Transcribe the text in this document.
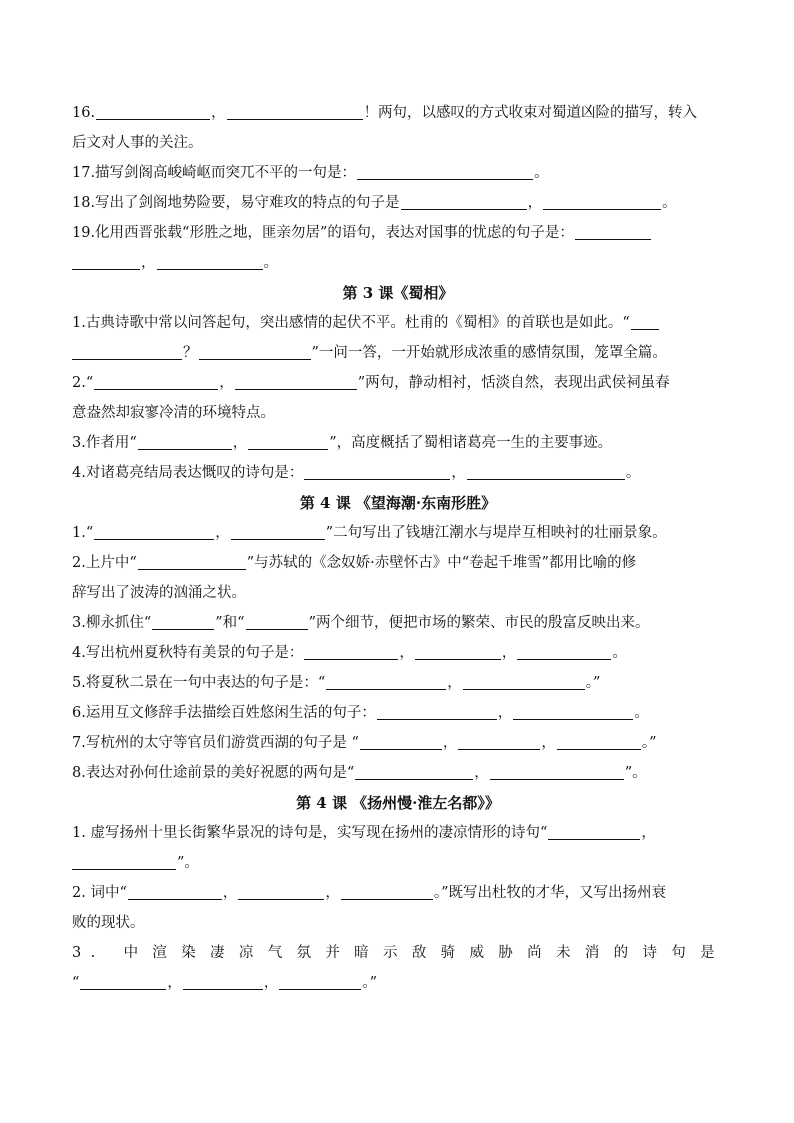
16.	，	！两句，以感叹的方式收束对蜀道凶险的描写，转入
后文对人事的关注。
17.描写剑阁高峻崎岖而突兀不平的一句是：	。
18.写出了剑阁地势险要，易守难攻的特点的句子是	，	。
19.化用西晋张载“形胜之地，匪亲勿居”的语句，表达对国事的忧虑的句子是：
，	。
第 3 课《蜀相》
1.古典诗歌中常以问答起句，突出感情的起伏不平。杜甫的《蜀相》的首联也是如此。“
？	”一问一答，一开始就形成浓重的感情氛围，笼罩全篇。
2.“	，	”两句，静动相衬，恬淡自然，表现出武侯祠虽春
意盎然却寂寥冷清的环境特点。
3.作者用“	，	”，高度概括了蜀相诸葛亮一生的主要事迹。
4.对诸葛亮结局表达慨叹的诗句是：	，	。
第 4 课 《望海潮·东南形胜》
1.“	，	”二句写出了钱塘江潮水与堤岸互相映衬的壮丽景象。
2.上片中“	”与苏轼的《念奴娇·赤壁怀古》中“卷起千堆雪”都用比喻的修
辞写出了波涛的汹涌之状。
3.柳永抓住“	”和“	”两个细节，便把市场的繁荣、市民的殷富反映出来。
4.写出杭州夏秋特有美景的句子是：	，	，	。
5.将夏秋二景在一句中表达的句子是：“	，	。”
6.运用互文修辞手法描绘百姓悠闲生活的句子：	，	。
7.写杭州的太守等官员们游赏西湖的句子是 “	，	，	。”
8.表达对孙何仕途前景的美好祝愿的两句是“	，	”。
第 4 课 《扬州慢·淮左名都》》
1. 虚写扬州十里长街繁华景况的诗句是，实写现在扬州的凄凉情形的诗句“	，
”。
2. 词中“	，	，	。”既写出杜牧的才华，又写出扬州衰
败的现状。
3. 中渲染凄凉气氛并暗示敌骑威胁尚未消的诗句是
“	，	，	。”
